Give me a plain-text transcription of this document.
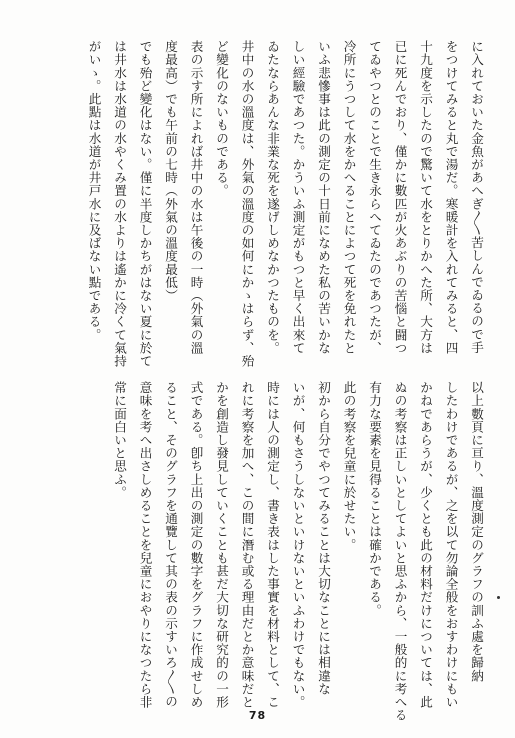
に入れておいた金魚があへぎ〳〵苦しんでゐるので手

をつけてみると丸で湯だ。寒暖計を入れてみると、四

十九度を示したので驚いて水をとりかへた所、大方は

已に死んでおり、僅かに數匹が火あぶりの苦惱と闘つ

てゐやつとのことで生き永らへてゐたのであつたが、

冷所にうつして水をかへることによつて死を免れたと

いふ悲慘事は此の測定の十日前になめた私の苦いかな

しい經驗であつた。かういふ測定がもつと早く出來て

ゐたならあんな非業な死を遂げしめなかつたものを。

井中の水の溫度は、外氣の溫度の如何にかゝはらず、殆

ど變化のないものである。

表の示す所によれば井中の水は午後の一時（外氣の溫

度最高）でも午前の七時（外氣の溫度最低）

でも殆ど變化はない。僅に半度しかちがはない夏に於て

は井水は水道の水やくみ置の水よりは遙かに冷くて氣持

がいゝ。此點は水道が井戸水に及ばない點である。

以上數頁に亘り、溫度測定のグラフの訓ふ處を歸納

したわけであるが、之を以て勿論全般をおすわけにもい

かねであらうが、少くとも此の材料だけについては、此

ぬの考察は正しいとしてよいと思ふから、一般的に考へる

有力な要素を見得ることは確かである。

此の考察を兒童に於せたい。

初から自分でやつてみることは大切なことには相違な

いが、何もさうしないといけないといふわけでもない。

時には人の測定し、書き表はした事實を材料として、こ

れに考察を加へ、この間に潛む或る理由だとか意味だと

かを創造し發見していくことも甚だ大切な研究的の一形

式である。卽ち上出の測定の數字をグラフに作成せしめ

ること、そのグラフを通覽して其の表の示すいろ〳〵の

意味を考へ出さしめることを兒童におやりになつたら非

常に面白いと思ふ。

78
